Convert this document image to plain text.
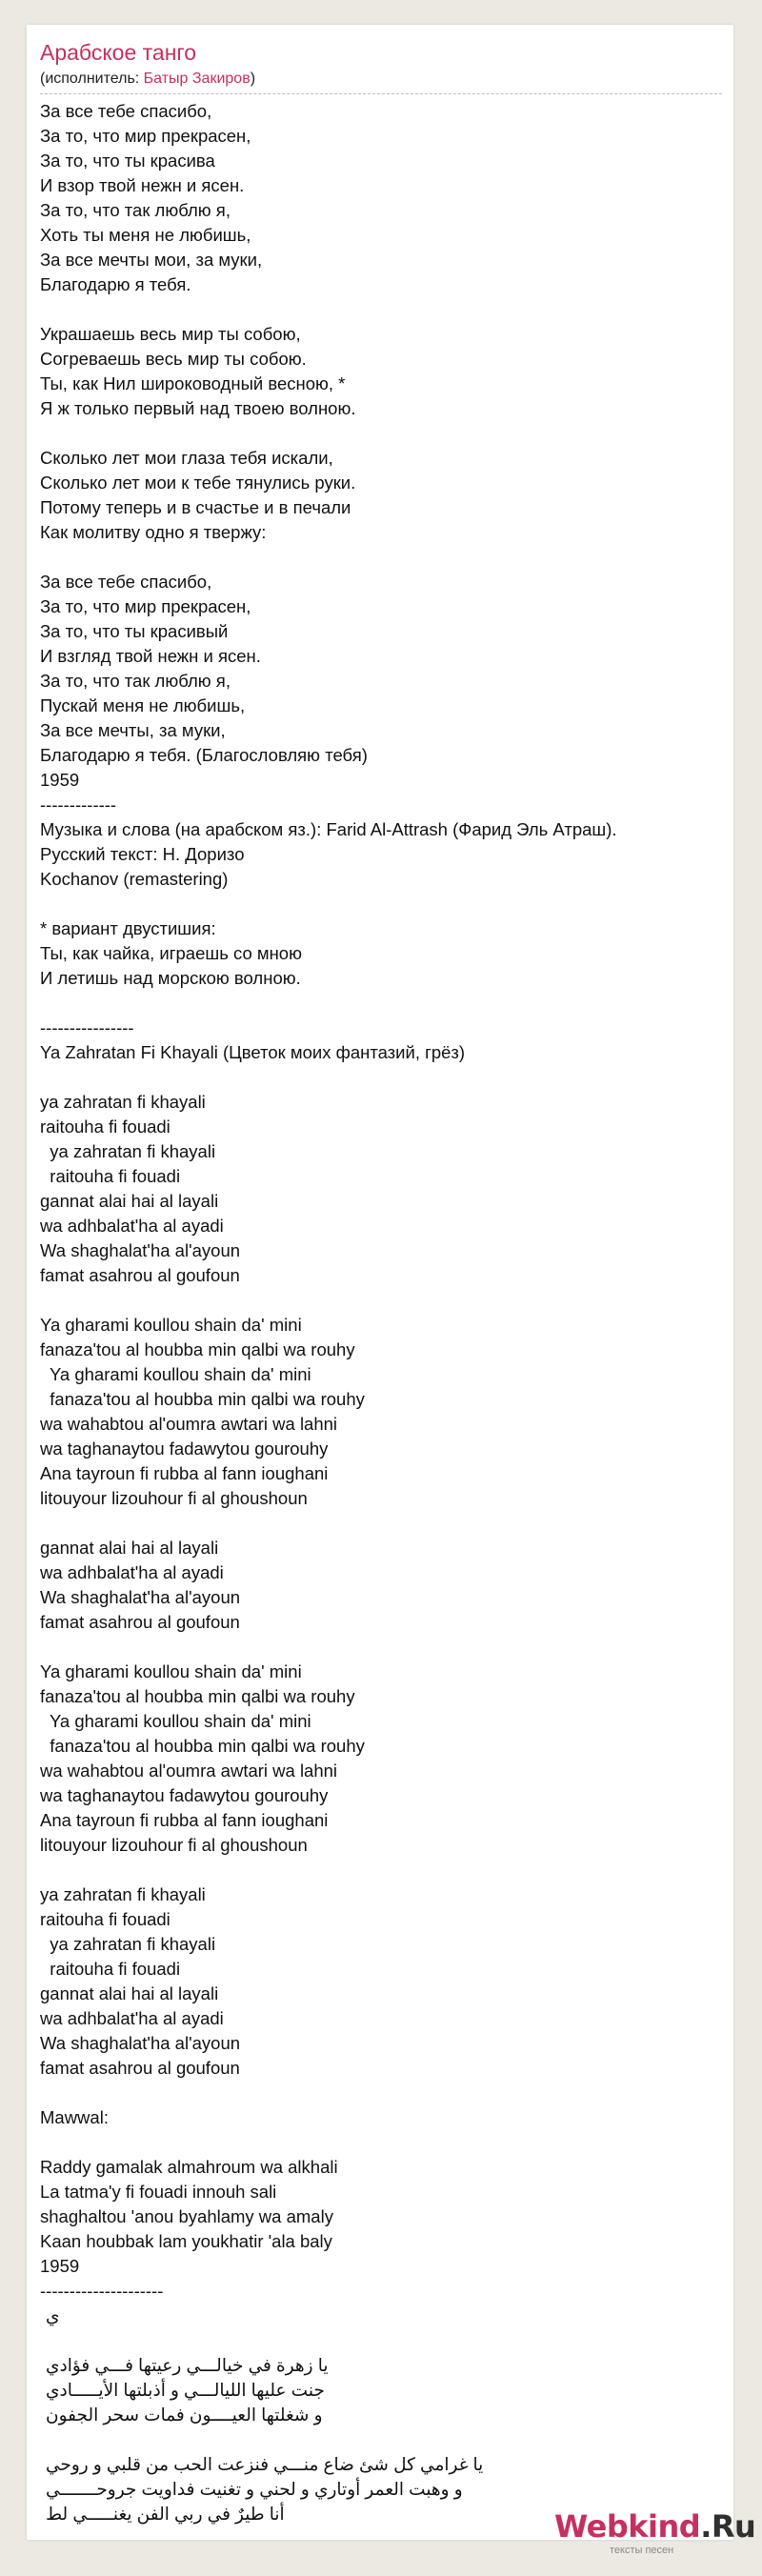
Арабское танго
(исполнитель: Батыр Закиров)
За все тебе спасибо,
За то, что мир прекрасен,
За то, что ты красива
И взор твой нежн и ясен.
За то, что так люблю я,
Хоть ты меня не любишь,
За все мечты мои, за муки,
Благодарю я тебя.
Украшаешь весь мир ты собою,
Согреваешь весь мир ты собою.
Ты, как Нил широководный весною, *
Я ж только первый над твоею волною.
Сколько лет мои глаза тебя искали,
Сколько лет мои к тебе тянулись руки.
Потому теперь и в счастье и в печали
Как молитву одно я твержу:
За все тебе спасибо,
За то, что мир прекрасен,
За то, что ты красивый
И взгляд твой нежн и ясен.
За то, что так люблю я,
Пускай меня не любишь,
За все мечты, за муки,
Благодарю я тебя. (Благословляю тебя)
1959
-------------
Музыка и слова (на арабском яз.): Farid Al-Attrash (Фарид Эль Атраш).
Русский текст: Н. Доризо
Kochanov (remastering)
* вариант двустишия:
Ты, как чайка, играешь со мною
И летишь над морскою волною.
----------------
Ya Zahratan Fi Khayali (Цветок моих фантазий, грёз)
ya zahratan fi khayali
raitouha fi fouadi
ya zahratan fi khayali
raitouha fi fouadi
gannat alai hai al layali
wa adhbalat'ha al ayadi
Wa shaghalat'ha al'ayoun
famat asahrou al goufoun
Ya gharami koullou shain da' mini
fanaza'tou al houbba min qalbi wa rouhy
Ya gharami koullou shain da' mini
fanaza'tou al houbba min qalbi wa rouhy
wa wahabtou al'oumra awtari wa lahni
wa taghanaytou fadawytou gourouhy
Ana tayroun fi rubba al fann ioughani
litouyour lizouhour fi al ghoushoun
gannat alai hai al layali
wa adhbalat'ha al ayadi
Wa shaghalat'ha al'ayoun
famat asahrou al goufoun
Ya gharami koullou shain da' mini
fanaza'tou al houbba min qalbi wa rouhy
Ya gharami koullou shain da' mini
fanaza'tou al houbba min qalbi wa rouhy
wa wahabtou al'oumra awtari wa lahni
wa taghanaytou fadawytou gourouhy
Ana tayroun fi rubba al fann ioughani
litouyour lizouhour fi al ghoushoun
ya zahratan fi khayali
raitouha fi fouadi
ya zahratan fi khayali
raitouha fi fouadi
gannat alai hai al layali
wa adhbalat'ha al ayadi
Wa shaghalat'ha al'ayoun
famat asahrou al goufoun
Mawwal:
Raddy gamalak almahroum wa alkhali
La tatma'y fi fouadi innouh sali
shaghaltou 'anou byahlamy wa amaly
Kaan houbbak lam youkhatir 'ala baly
1959
---------------------
ي
يا زهرة في خيالـــي رعيتها فـــي فؤادي
جنت عليها الليالـــي و أذبلتها الأيـــــادي
و شغلتها العيــــون فمات سحر الجفون
يا غرامي كل شئ ضاع منـــي فنزعت الحب من قلبي و روحي
و وهبت العمر أوتاري و لحني و تغنيت فداويت جروحـــــــي
أنا طيرٌ في ربي الفن يغنـــــي لط	Webkind.Ru
тексты песен
